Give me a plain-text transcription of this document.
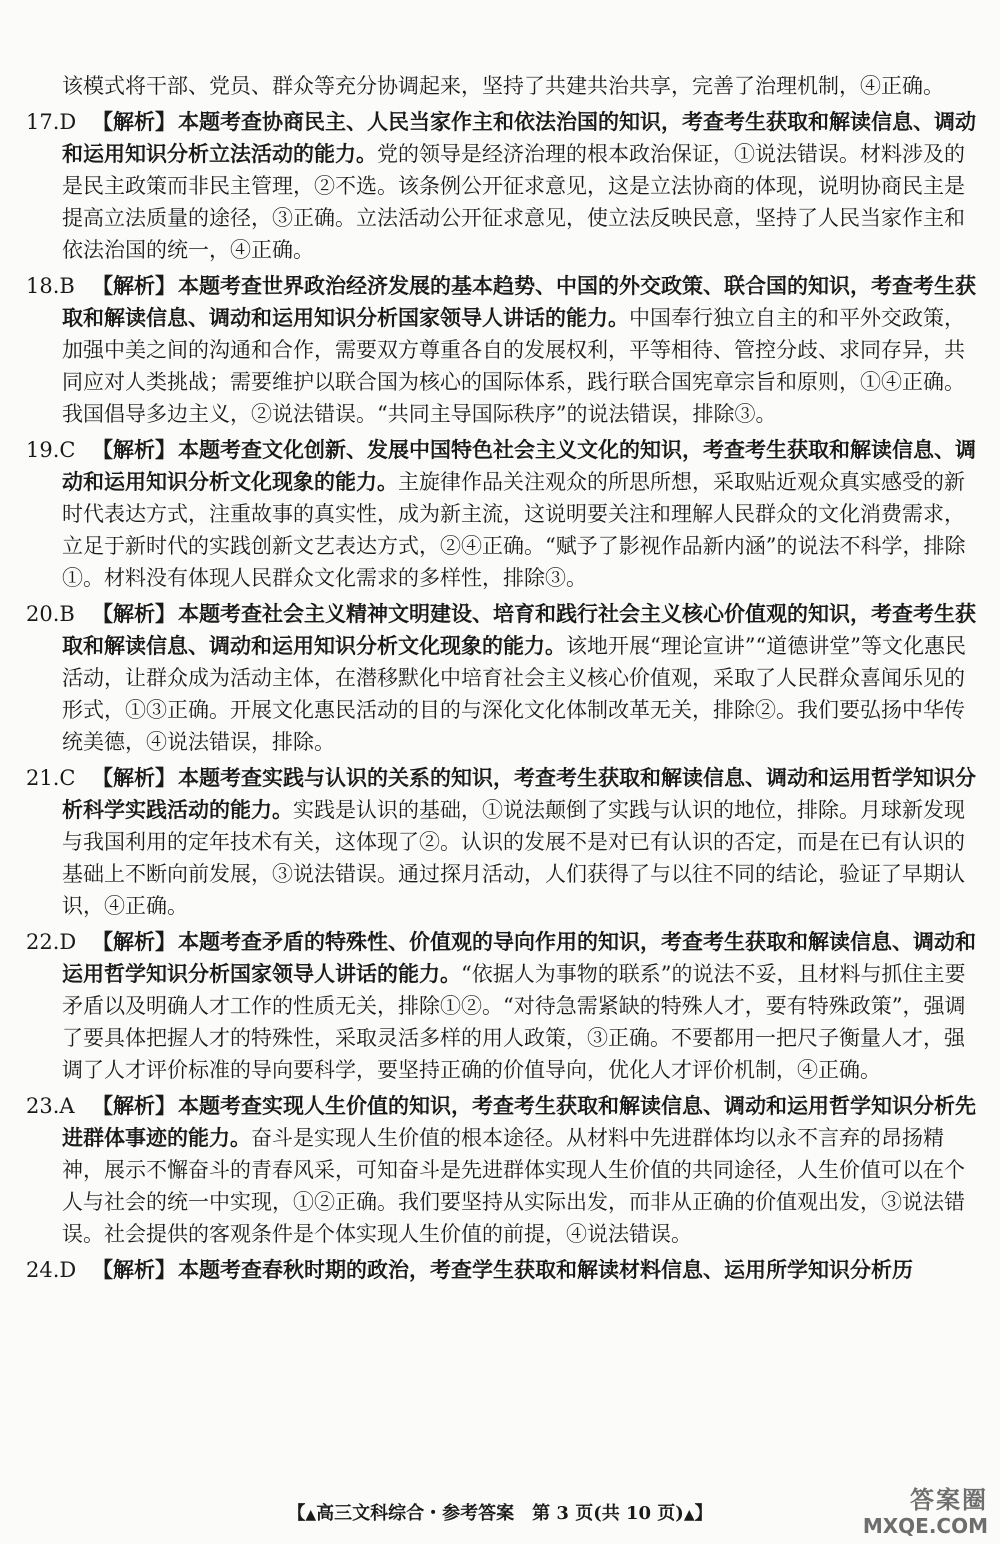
该模式将干部、党员、群众等充分协调起来，坚持了共建共治共享，完善了治理机制，④正确。

17.D 【解析】本题考查协商民主、人民当家作主和依法治国的知识，考查考生获取和解读信息、调动和运用知识分析立法活动的能力。党的领导是经济治理的根本政治保证，①说法错误。材料涉及的是民主政策而非民主管理，②不选。该条例公开征求意见，这是立法协商的体现，说明协商民主是提高立法质量的途径，③正确。立法活动公开征求意见，使立法反映民意，坚持了人民当家作主和依法治国的统一，④正确。
18.B 【解析】本题考查世界政治经济发展的基本趋势、中国的外交政策、联合国的知识，考查考生获取和解读信息、调动和运用知识分析国家领导人讲话的能力。中国奉行独立自主的和平外交政策，加强中美之间的沟通和合作，需要双方尊重各自的发展权利，平等相待、管控分歧、求同存异，共同应对人类挑战；需要维护以联合国为核心的国际体系，践行联合国宪章宗旨和原则，①④正确。我国倡导多边主义，②说法错误。“共同主导国际秩序”的说法错误，排除③。
19.C 【解析】本题考查文化创新、发展中国特色社会主义文化的知识，考查考生获取和解读信息、调动和运用知识分析文化现象的能力。主旋律作品关注观众的所思所想，采取贴近观众真实感受的新时代表达方式，注重故事的真实性，成为新主流，这说明要关注和理解人民群众的文化消费需求，立足于新时代的实践创新文艺表达方式，②④正确。“赋予了影视作品新内涵”的说法不科学，排除①。材料没有体现人民群众文化需求的多样性，排除③。
20.B 【解析】本题考查社会主义精神文明建设、培育和践行社会主义核心价值观的知识，考查考生获取和解读信息、调动和运用知识分析文化现象的能力。该地开展“理论宣讲”“道德讲堂”等文化惠民活动，让群众成为活动主体，在潜移默化中培育社会主义核心价值观，采取了人民群众喜闻乐见的形式，①③正确。开展文化惠民活动的目的与深化文化体制改革无关，排除②。我们要弘扬中华传统美德，④说法错误，排除。
21.C 【解析】本题考查实践与认识的关系的知识，考查考生获取和解读信息、调动和运用哲学知识分析科学实践活动的能力。实践是认识的基础，①说法颠倒了实践与认识的地位，排除。月球新发现与我国利用的定年技术有关，这体现了②。认识的发展不是对已有认识的否定，而是在已有认识的基础上不断向前发展，③说法错误。通过探月活动，人们获得了与以往不同的结论，验证了早期认识，④正确。
22.D 【解析】本题考查矛盾的特殊性、价值观的导向作用的知识，考查考生获取和解读信息、调动和运用哲学知识分析国家领导人讲话的能力。“依据人为事物的联系”的说法不妥，且材料与抓住主要矛盾以及明确人才工作的性质无关，排除①②。“对待急需紧缺的特殊人才，要有特殊政策”，强调了要具体把握人才的特殊性，采取灵活多样的用人政策，③正确。不要都用一把尺子衡量人才，强调了人才评价标准的导向要科学，要坚持正确的价值导向，优化人才评价机制，④正确。
23.A 【解析】本题考查实现人生价值的知识，考查考生获取和解读信息、调动和运用哲学知识分析先进群体事迹的能力。奋斗是实现人生价值的根本途径。从材料中先进群体均以永不言弃的昂扬精神，展示不懈奋斗的青春风采，可知奋斗是先进群体实现人生价值的共同途径，人生价值可以在个人与社会的统一中实现，①②正确。我们要坚持从实际出发，而非从正确的价值观出发，③说法错误。社会提供的客观条件是个体实现人生价值的前提，④说法错误。
24.D 【解析】本题考查春秋时期的政治，考查学生获取和解读材料信息、运用所学知识分析历
【▲高三文科综合・参考答案　第 3 页(共 10 页)▲】	答案圈
MXQE.COM
